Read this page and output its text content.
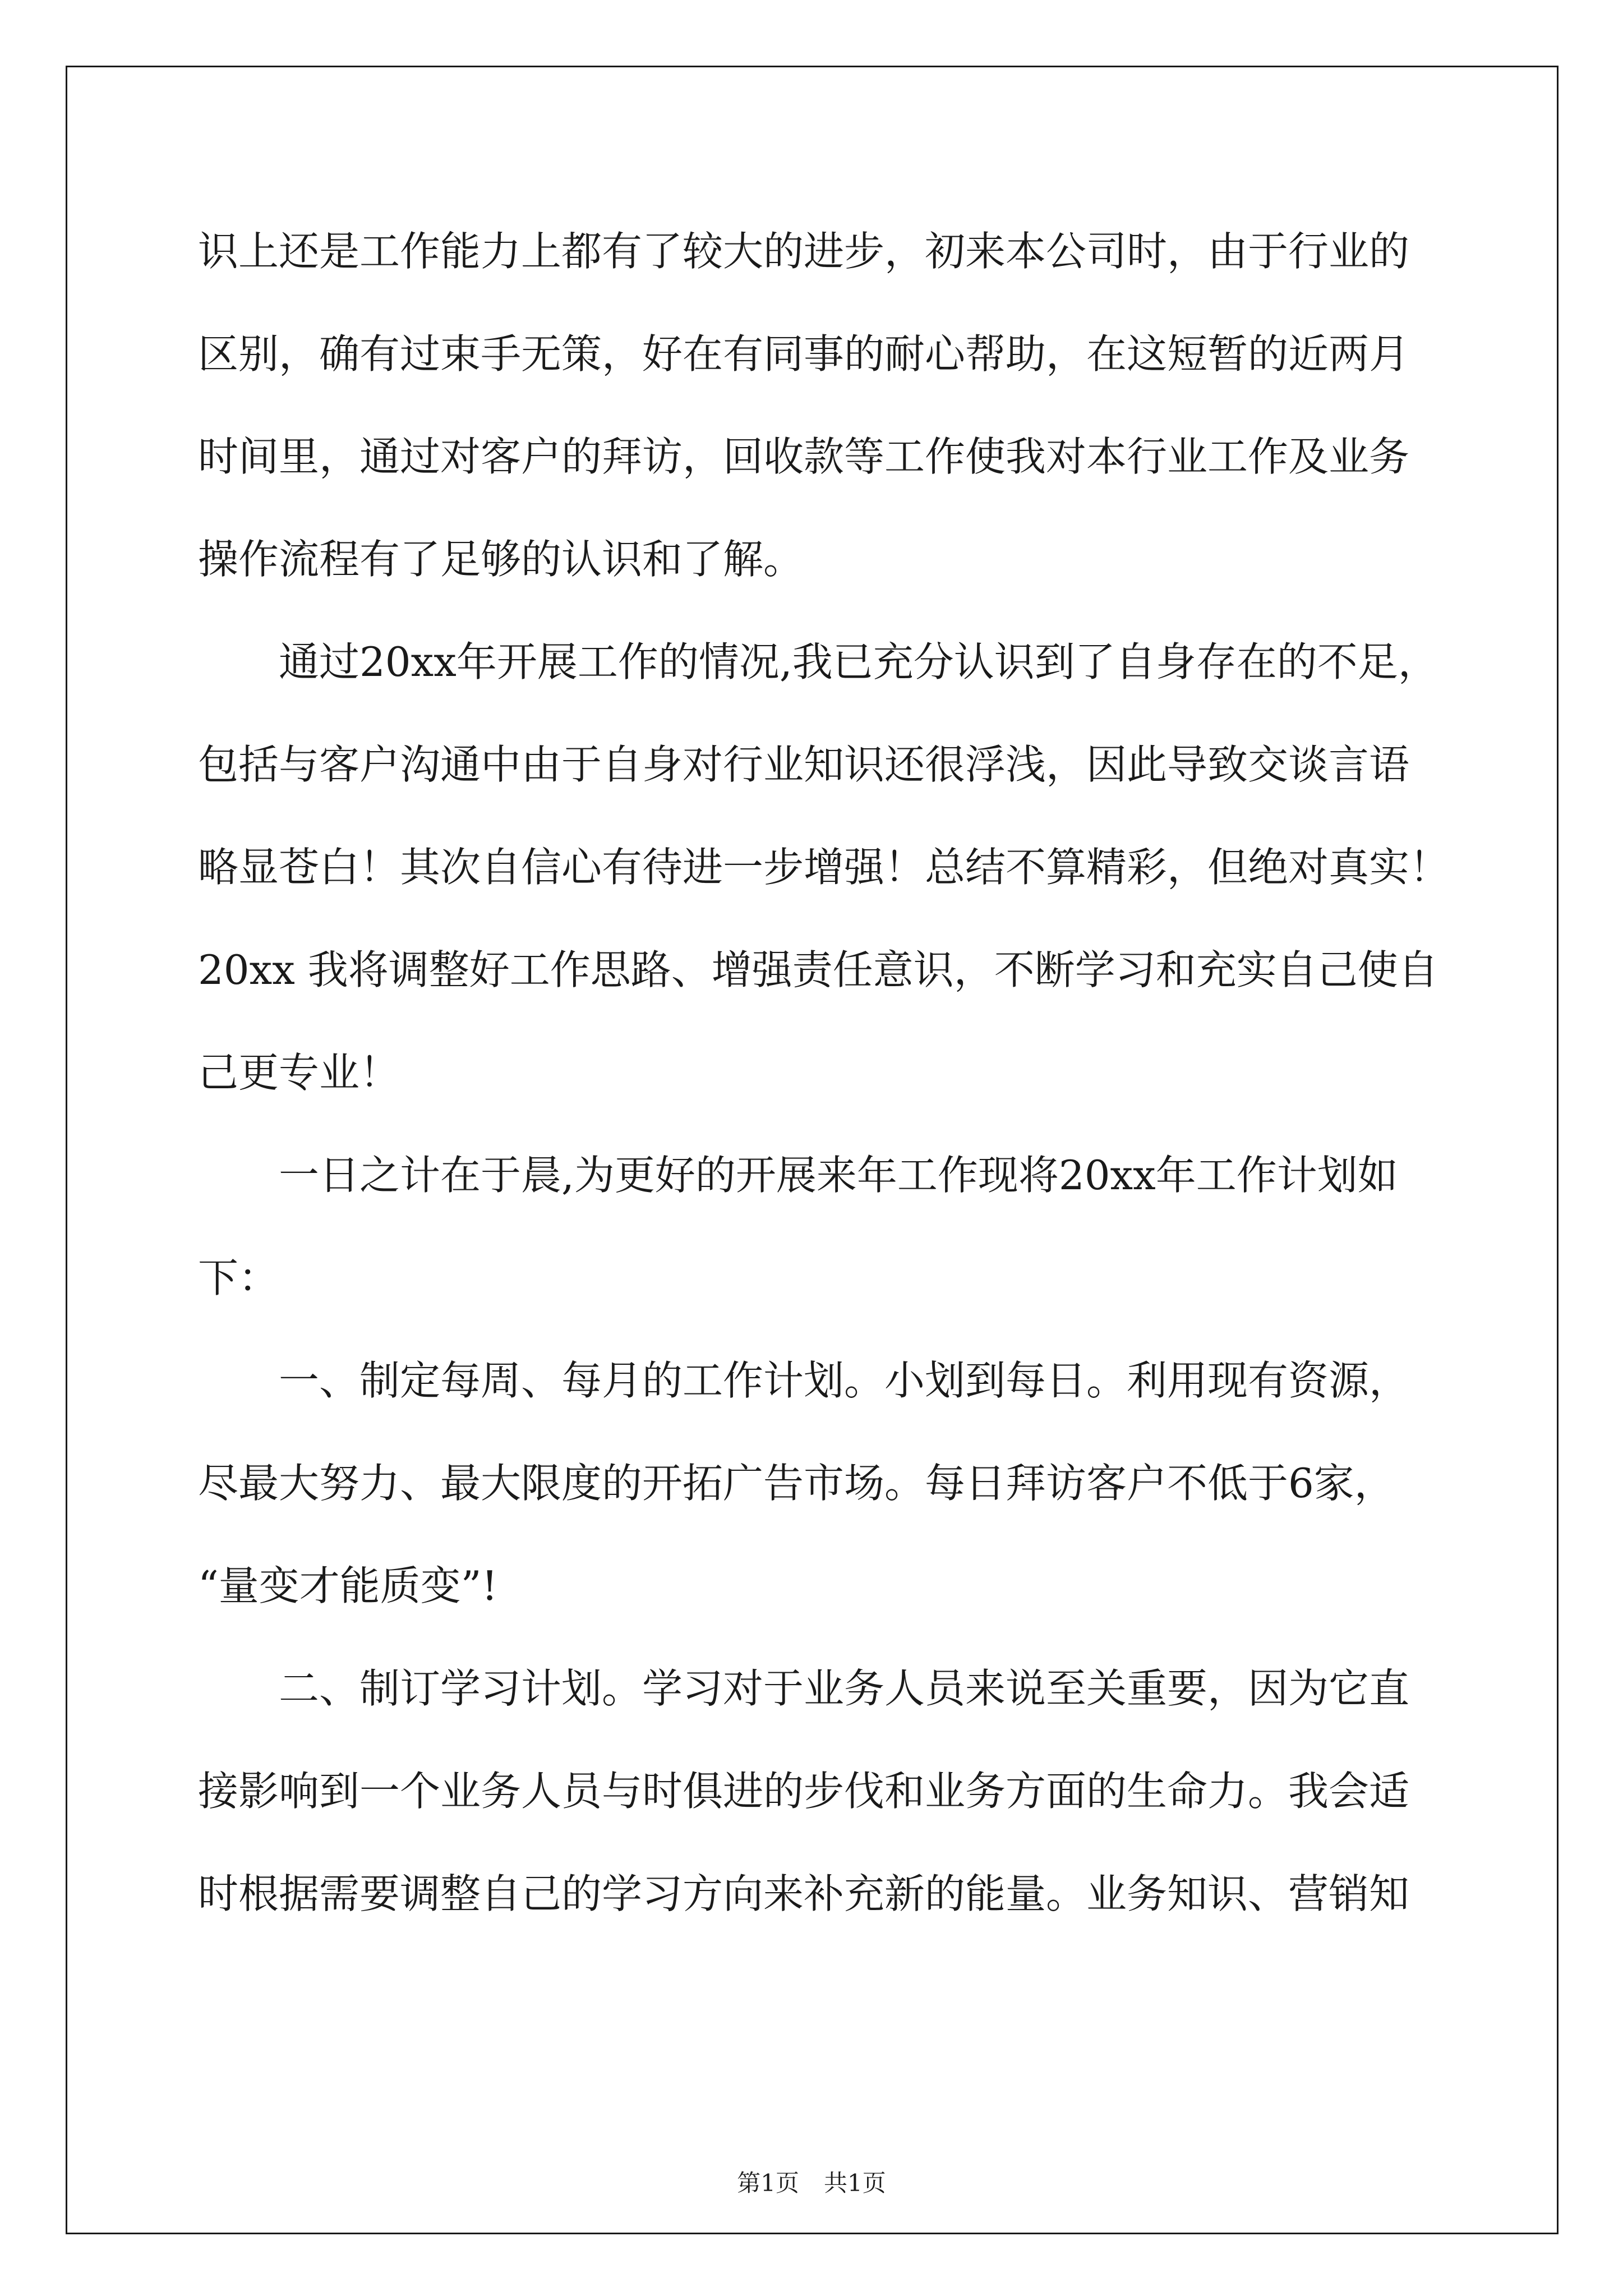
识上还是工作能力上都有了较大的进步，初来本公司时，由于行业的

区别，确有过束手无策，好在有同事的耐心帮助，在这短暂的近两月

时间里，通过对客户的拜访，回收款等工作使我对本行业工作及业务

操作流程有了足够的认识和了解。

通过20xx年开展工作的情况,我已充分认识到了自身存在的不足，

包括与客户沟通中由于自身对行业知识还很浮浅，因此导致交谈言语

略显苍白！其次自信心有待进一步增强！总结不算精彩，但绝对真实！

20xx 我将调整好工作思路、增强责任意识，不断学习和充实自己使自

己更专业！

一日之计在于晨,为更好的开展来年工作现将20xx年工作计划如

下：

一、制定每周、每月的工作计划。小划到每日。利用现有资源，

尽最大努力、最大限度的开拓广告市场。每日拜访客户不低于6家，

“量变才能质变”!

二、制订学习计划。学习对于业务人员来说至关重要，因为它直

接影响到一个业务人员与时俱进的步伐和业务方面的生命力。我会适

时根据需要调整自己的学习方向来补充新的能量。业务知识、营销知

第1页 共1页
